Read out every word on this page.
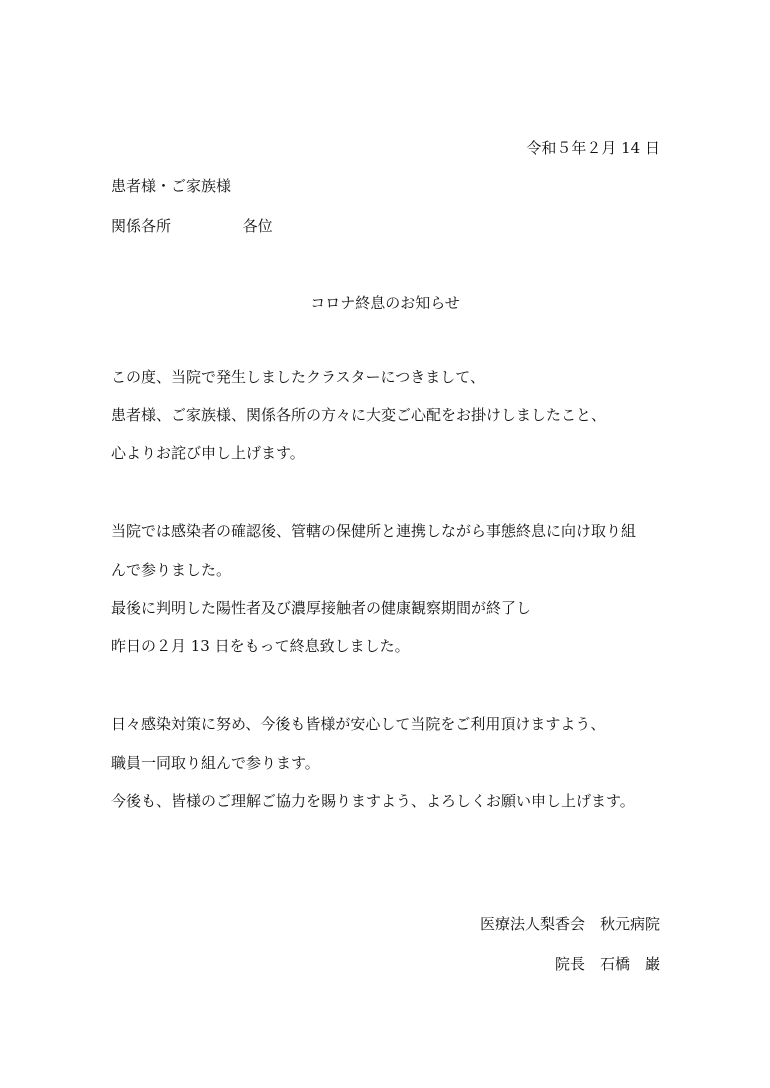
令和５年２月 14 日
患者様・ご家族様
関係各所	各位
コロナ終息のお知らせ
この度、当院で発生しましたクラスターにつきまして、
患者様、ご家族様、関係各所の方々に大変ご心配をお掛けしましたこと、
心よりお詫び申し上げます。
当院では感染者の確認後、管轄の保健所と連携しながら事態終息に向け取り組
んで参りました。
最後に判明した陽性者及び濃厚接触者の健康観察期間が終了し
昨日の２月 13 日をもって終息致しました。
日々感染対策に努め、今後も皆様が安心して当院をご利用頂けますよう、
職員一同取り組んで参ります。
今後も、皆様のご理解ご協力を賜りますよう、よろしくお願い申し上げます。
医療法人梨香会　秋元病院
院長　石橋　巌
